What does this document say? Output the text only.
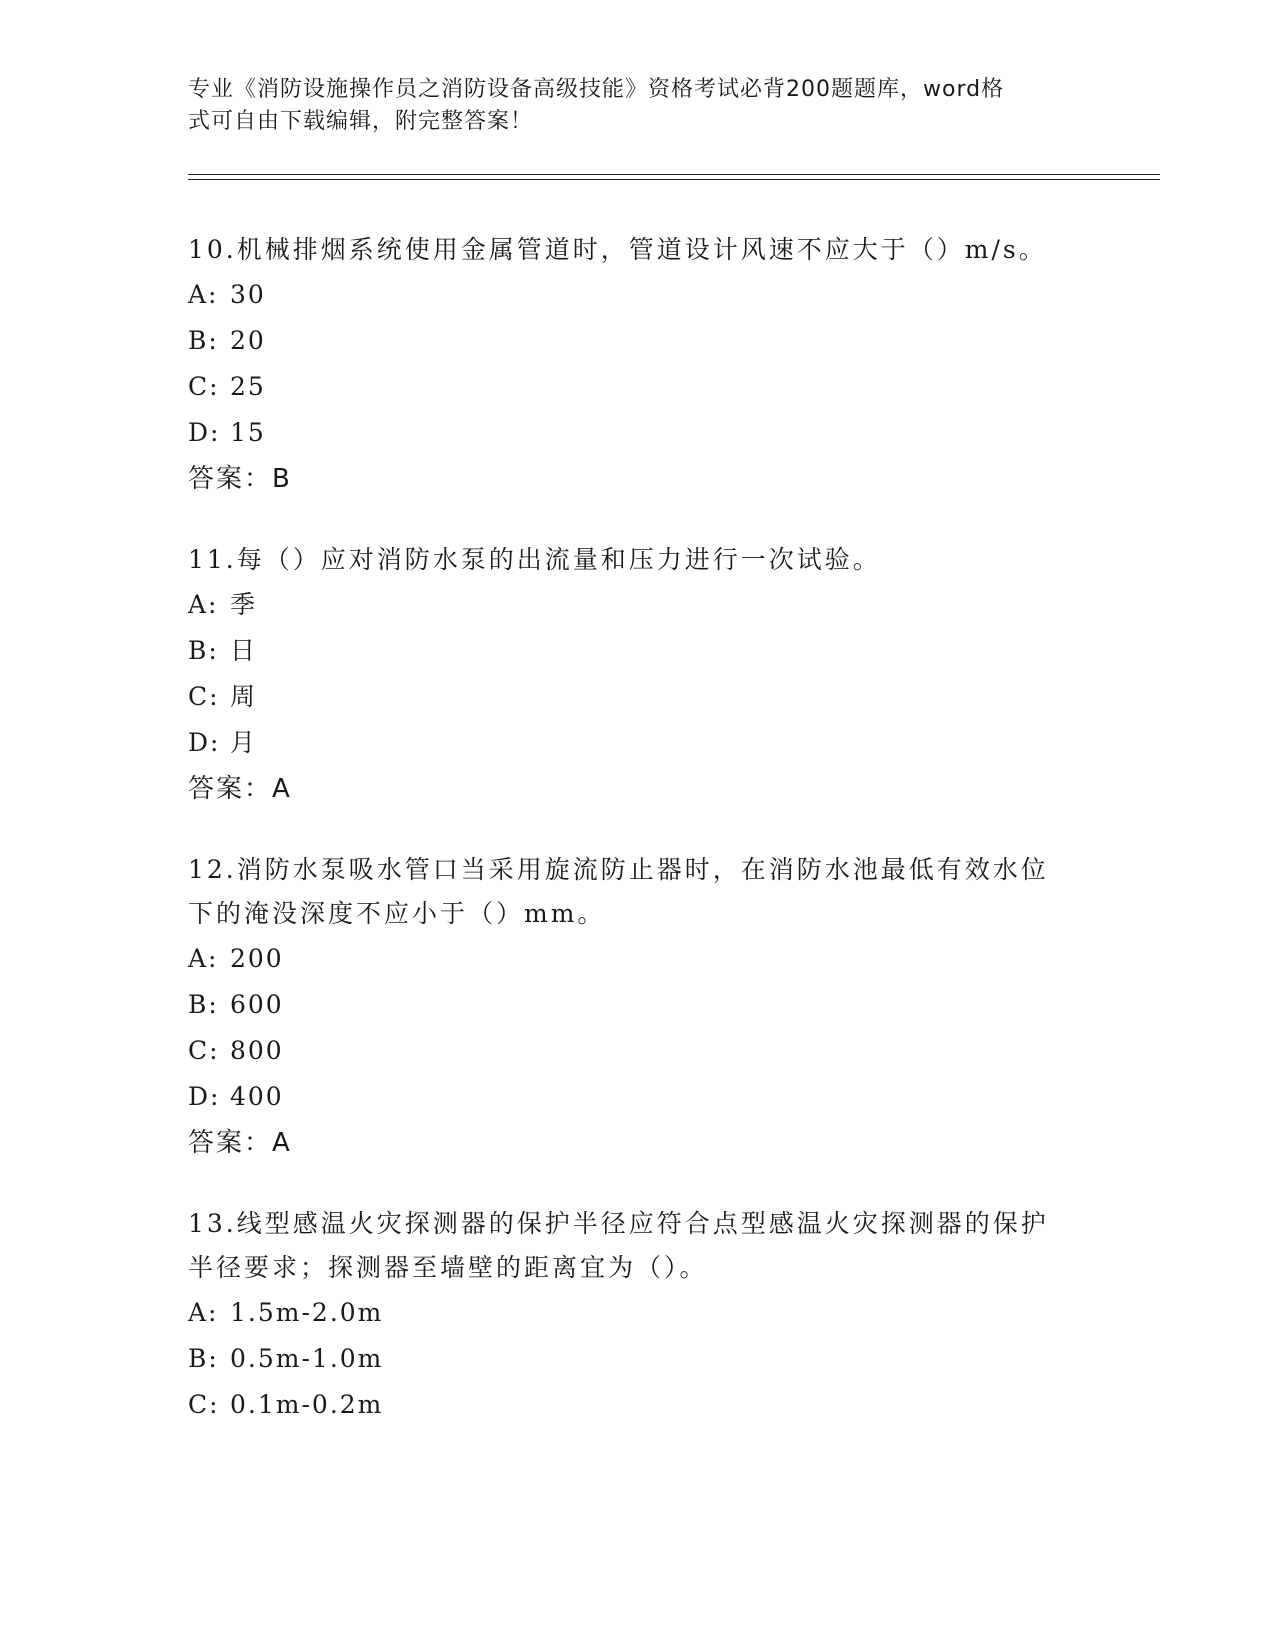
专业《消防设施操作员之消防设备高级技能》资格考试必背200题题库，word格
式可自由下载编辑，附完整答案！
10.机械排烟系统使用金属管道时，管道设计风速不应大于（）m/s。
A: 30
B: 20
C: 25
D: 15
答案：B
11.每（）应对消防水泵的出流量和压力进行一次试验。
A: 季
B: 日
C: 周
D: 月
答案：A
12.消防水泵吸水管口当采用旋流防止器时，在消防水池最低有效水位
下的淹没深度不应小于（）mm。
A: 200
B: 600
C: 800
D: 400
答案：A
13.线型感温火灾探测器的保护半径应符合点型感温火灾探测器的保护
半径要求；探测器至墙壁的距离宜为（）。
A: 1.5m-2.0m
B: 0.5m-1.0m
C: 0.1m-0.2m
